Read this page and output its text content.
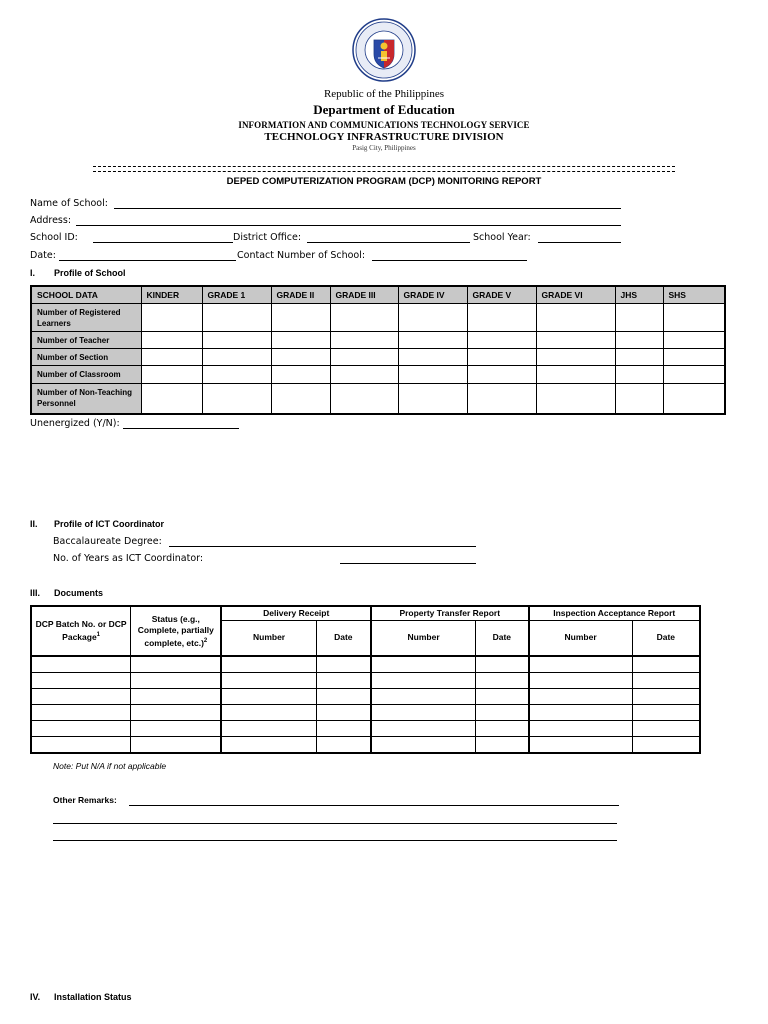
Republic of the Philippines
Department of Education
INFORMATION AND COMMUNICATIONS TECHNOLOGY SERVICE
TECHNOLOGY INFRASTRUCTURE DIVISION
Pasig City, Philippines
DEPED COMPUTERIZATION PROGRAM (DCP) MONITORING REPORT
Name of School:
Address:
School ID:	District Office:	School Year:
Date:	Contact Number of School:
I. Profile of School
SCHOOL DATA	KINDER	GRADE 1	GRADE II	GRADE III	GRADE IV	GRADE V	GRADE VI	JHS	SHS
Number of Registered Learners									
Number of Teacher									
Number of Section									
Number of Classroom									
Number of Non-Teaching Personnel									
Unenergized (Y/N):
II. Profile of ICT Coordinator
Baccalaureate Degree:
No. of Years as ICT Coordinator:
III. Documents
DCP Batch No. or DCP Package$^1$	Status (e.g., Complete, partially complete, etc.)$^2$	Delivery Receipt		Property Transfer Report		Inspection Acceptance Report	
		Number	Date	Number	Date	Number	Date

Note: Put N/A if not applicable
Other Remarks:
IV. Installation Status
